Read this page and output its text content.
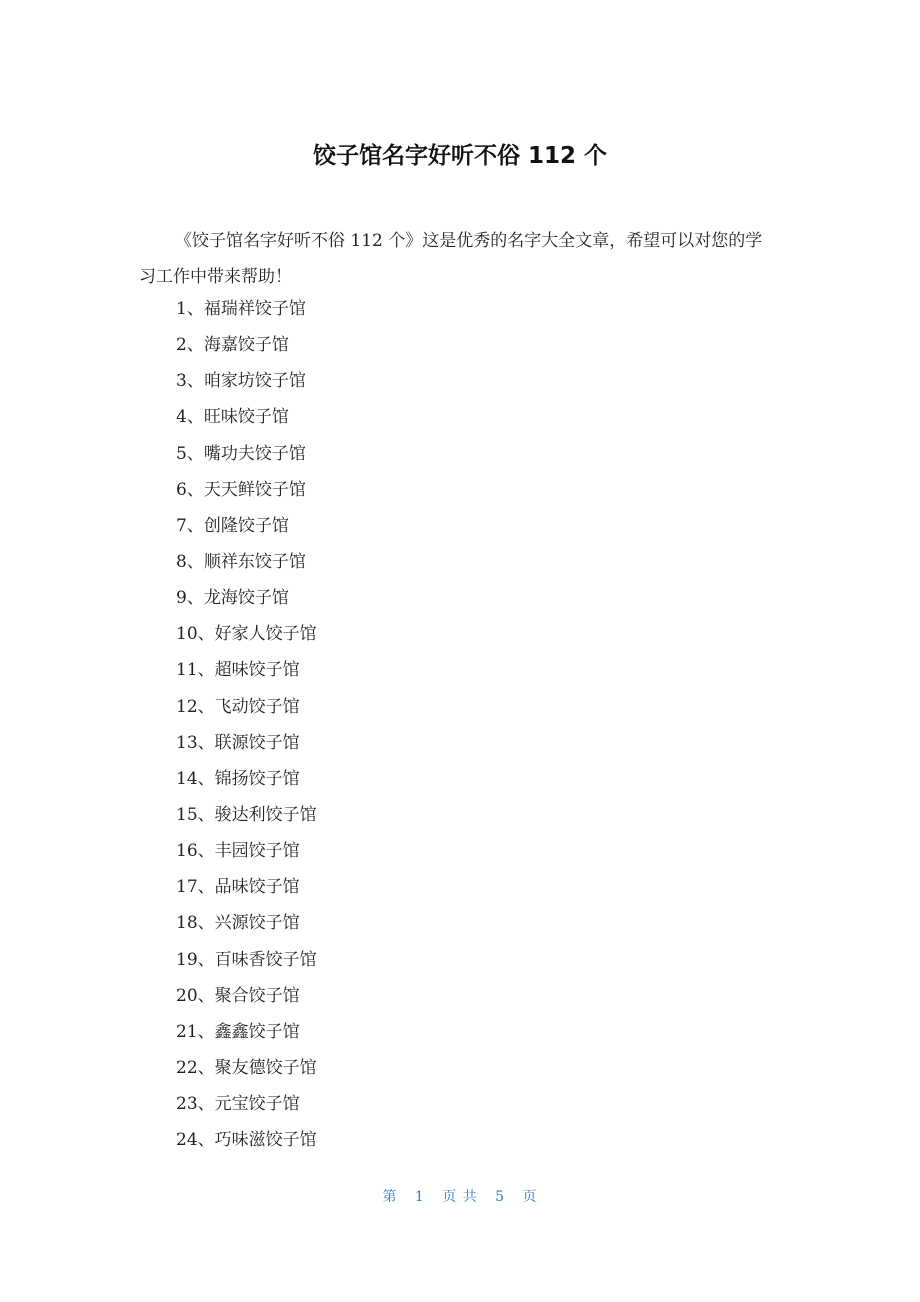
饺子馆名字好听不俗 112 个

《饺子馆名字好听不俗 112 个》这是优秀的名字大全文章，希望可以对您的学习工作中带来帮助！

1、福瑞祥饺子馆
2、海嘉饺子馆
3、咱家坊饺子馆
4、旺味饺子馆
5、嘴功夫饺子馆
6、天天鲜饺子馆
7、创隆饺子馆
8、顺祥东饺子馆
9、龙海饺子馆
10、好家人饺子馆
11、超味饺子馆
12、飞动饺子馆
13、联源饺子馆
14、锦扬饺子馆
15、骏达利饺子馆
16、丰园饺子馆
17、品味饺子馆
18、兴源饺子馆
19、百味香饺子馆
20、聚合饺子馆
21、鑫鑫饺子馆
22、聚友德饺子馆
23、元宝饺子馆
24、巧味滋饺子馆
第 1 页 共 5 页
